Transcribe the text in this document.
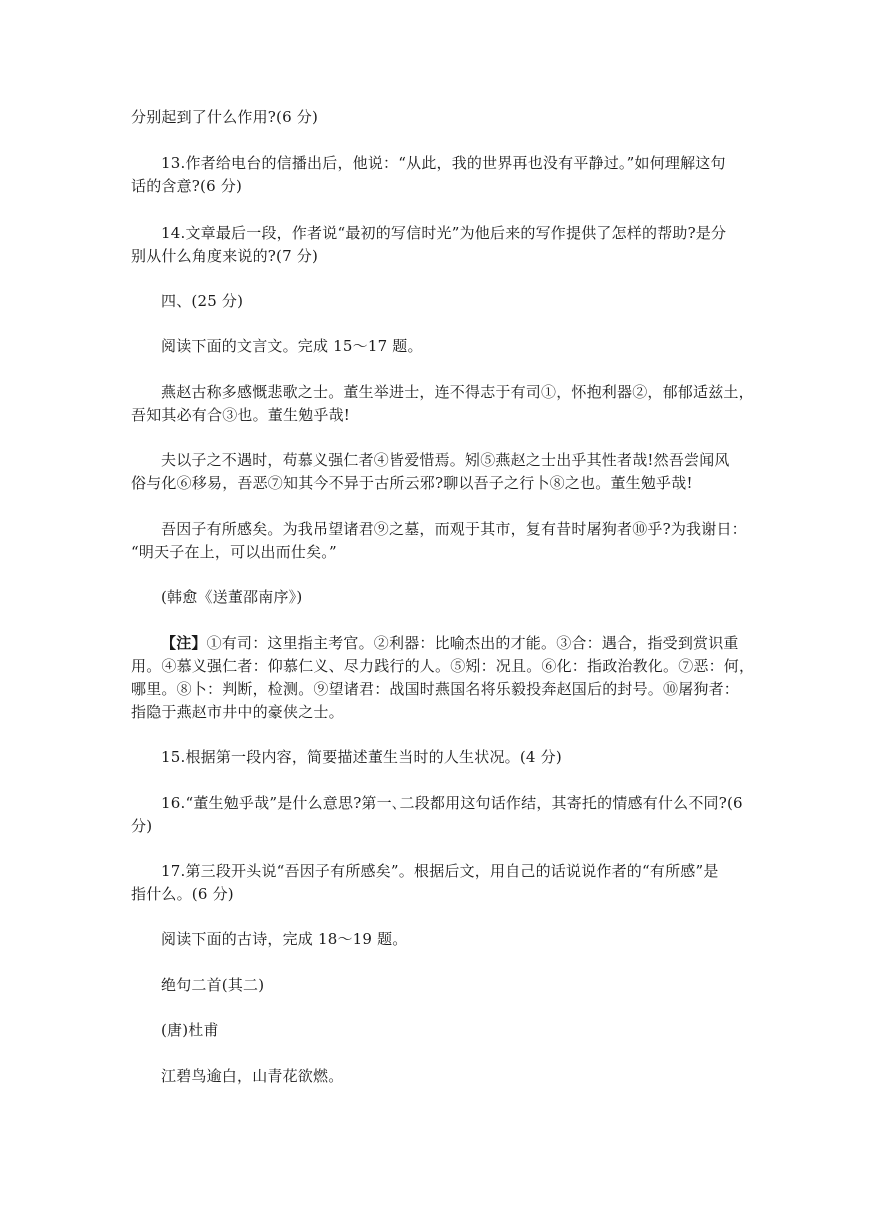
分别起到了什么作用?(6 分)

13.作者给电台的信播出后，他说：“从此，我的世界再也没有平静过。”如何理解这句
话的含意?(6 分)

14.文章最后一段，作者说“最初的写信时光”为他后来的写作提供了怎样的帮助?是分
别从什么角度来说的?(7 分)

四、(25 分)

阅读下面的文言文。完成 15～17 题。

燕赵古称多感慨悲歌之士。董生举进士，连不得志于有司①，怀抱利器②，郁郁适兹土，
吾知其必有合③也。董生勉乎哉!

夫以子之不遇时，苟慕义强仁者④皆爱惜焉。矧⑤燕赵之士出乎其性者哉!然吾尝闻风
俗与化⑥移易，吾恶⑦知其今不异于古所云邪?聊以吾子之行卜⑧之也。董生勉乎哉!

吾因子有所感矣。为我吊望诸君⑨之墓，而观于其市，复有昔时屠狗者⑩乎?为我谢日：
“明天子在上，可以出而仕矣。”

(韩愈《送董邵南序》)

【注】①有司：这里指主考官。②利器：比喻杰出的才能。③合：遇合，指受到赏识重
用。④慕义强仁者：仰慕仁义、尽力践行的人。⑤矧：况且。⑥化：指政治教化。⑦恶：何，
哪里。⑧卜：判断，检测。⑨望诸君：战国时燕国名将乐毅投奔赵国后的封号。⑩屠狗者：
指隐于燕赵市井中的豪侠之士。

15.根据第一段内容，简要描述董生当时的人生状况。(4 分)

16.“董生勉乎哉”是什么意思?第一､二段都用这句话作结，其寄托的情感有什么不同?(6
分)

17.第三段开头说“吾因子有所感矣”。根据后文，用自己的话说说作者的“有所感”是
指什么。(6 分)

阅读下面的古诗，完成 18～19 题。

绝句二首(其二)

(唐)杜甫

江碧鸟逾白，山青花欲燃。
